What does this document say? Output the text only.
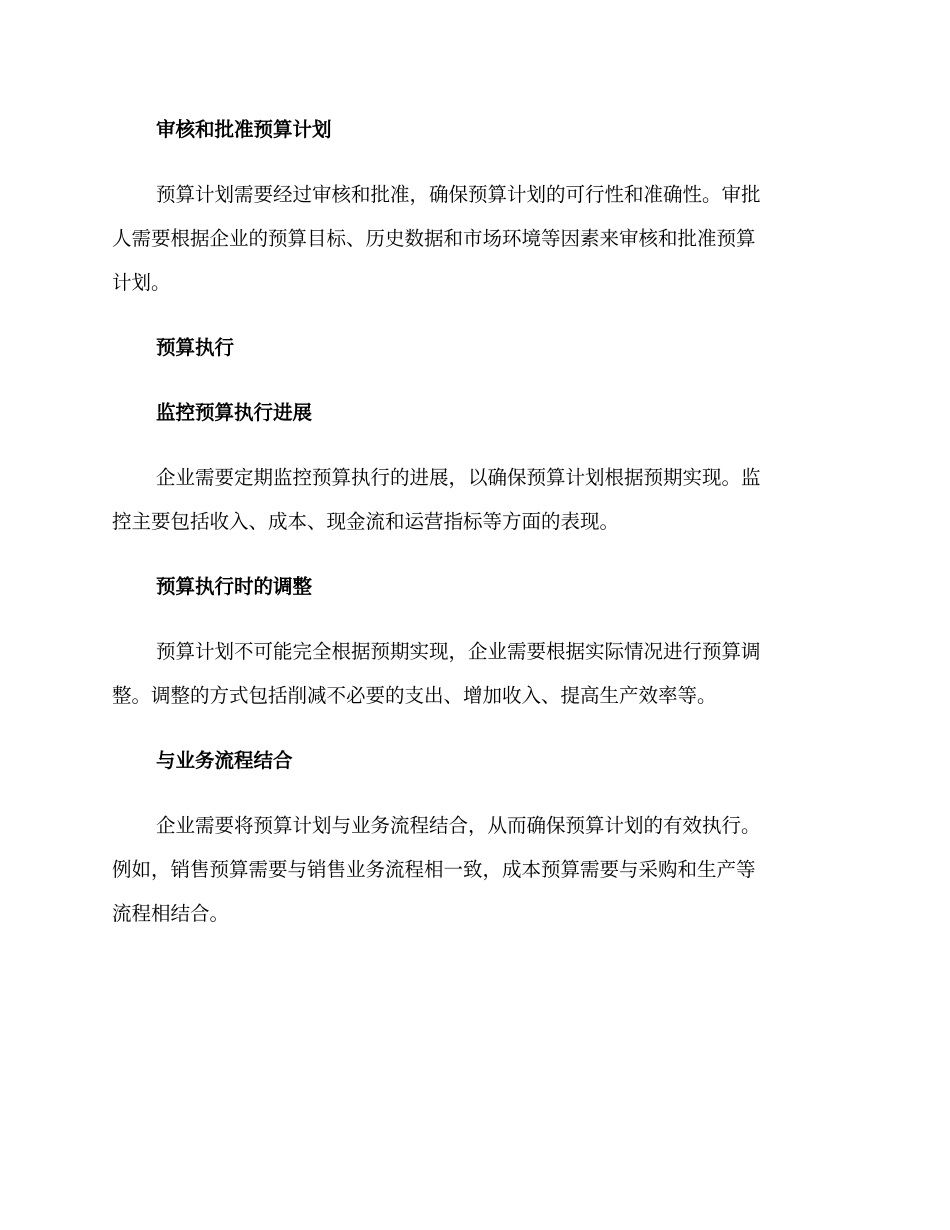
审核和批准预算计划

预算计划需要经过审核和批准，确保预算计划的可行性和准确性。审批
人需要根据企业的预算目标、历史数据和市场环境等因素来审核和批准预算
计划。

预算执行
监控预算执行进展

企业需要定期监控预算执行的进展，以确保预算计划根据预期实现。监
控主要包括收入、成本、现金流和运营指标等方面的表现。

预算执行时的调整

预算计划不可能完全根据预期实现，企业需要根据实际情况进行预算调
整。调整的方式包括削减不必要的支出、增加收入、提高生产效率等。

与业务流程结合

企业需要将预算计划与业务流程结合，从而确保预算计划的有效执行。
例如，销售预算需要与销售业务流程相一致，成本预算需要与采购和生产等
流程相结合。
